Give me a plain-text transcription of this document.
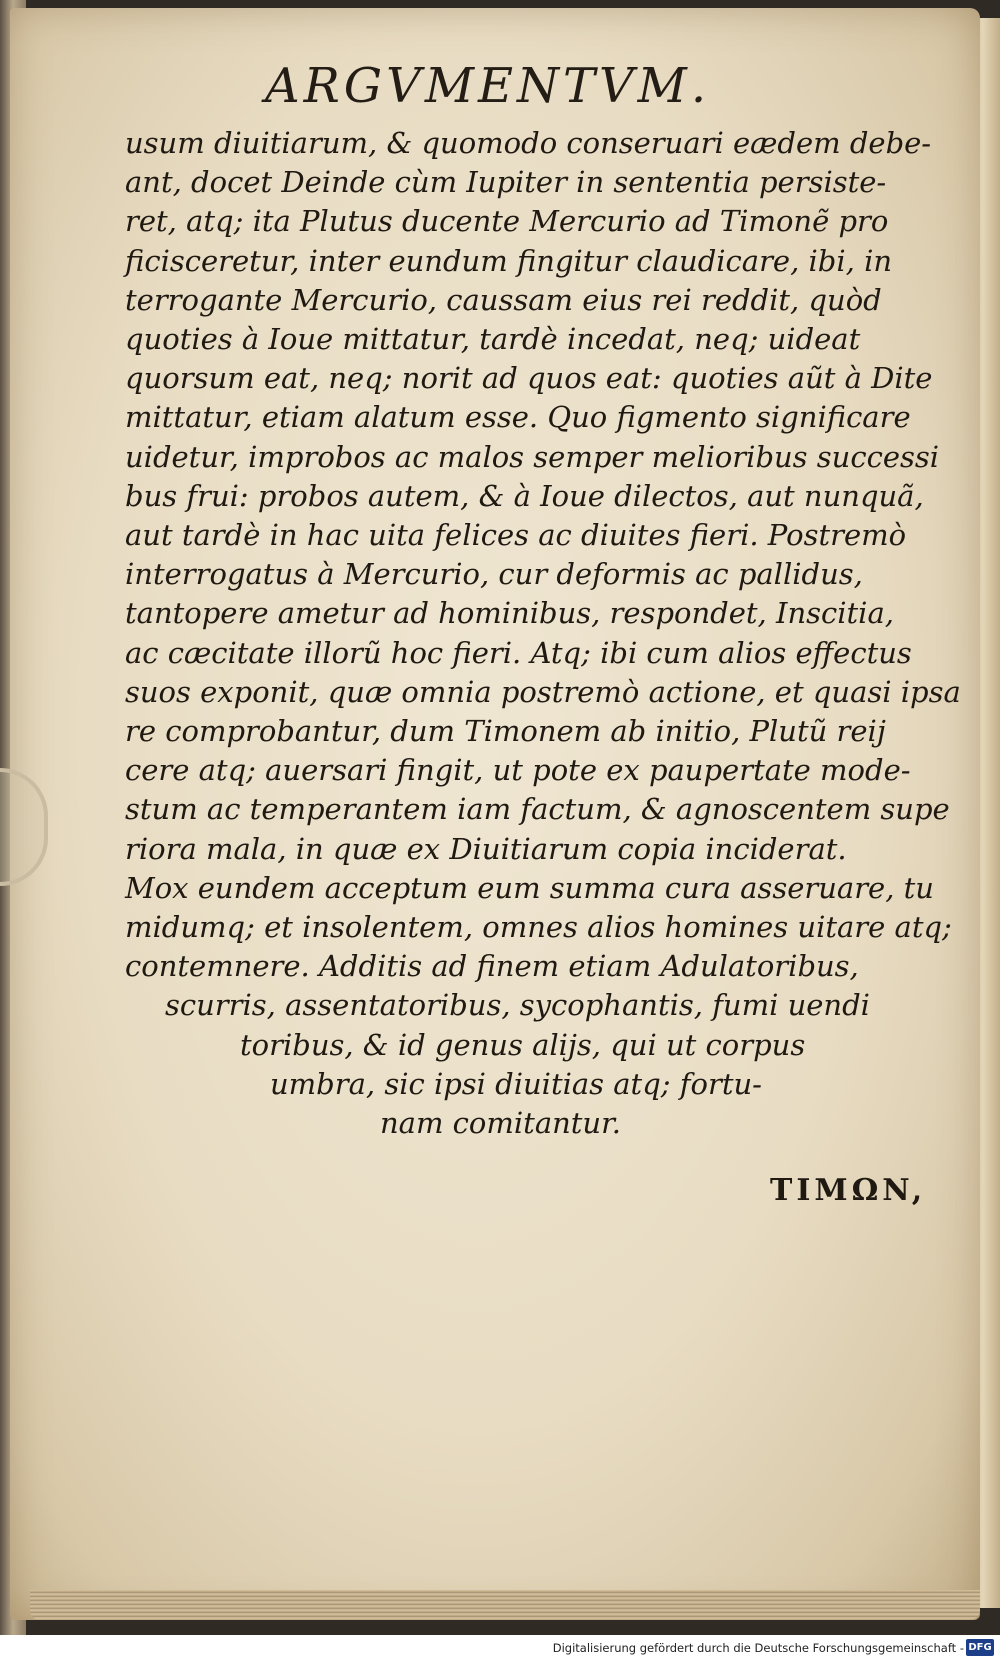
ARGVMENTVM.
usum diuitiarum, & quomodo conseruari eædem debe-
ant, docet Deinde cùm Iupiter in sententia persiste-
ret, atq; ita Plutus ducente Mercurio ad Timonẽ pro
ficisceretur, inter eundum fingitur claudicare, ibi, in
terrogante Mercurio, caussam eius rei reddit, quòd
quoties à Ioue mittatur, tardè incedat, neq; uideat
quorsum eat, neq; norit ad quos eat: quoties aũt à Dite
mittatur, etiam alatum esse. Quo figmento significare
uidetur, improbos ac malos semper melioribus successi
bus frui: probos autem, & à Ioue dilectos, aut nunquã,
aut tardè in hac uita felices ac diuites fieri. Postremò
interrogatus à Mercurio, cur deformis ac pallidus,
tantopere ametur ad hominibus, respondet, Inscitia,
ac cæcitate illorũ hoc fieri. Atq; ibi cum alios effectus
suos exponit, quæ omnia postremò actione, et quasi ipsa
re comprobantur, dum Timonem ab initio, Plutũ reij
cere atq; auersari fingit, ut pote ex paupertate mode-
stum ac temperantem iam factum, & agnoscentem supe
riora mala, in quæ ex Diuitiarum copia inciderat.
Mox eundem acceptum eum summa cura asseruare, tu
midumq; et insolentem, omnes alios homines uitare atq;
contemnere. Additis ad finem etiam Adulatoribus,
scurris, assentatoribus, sycophantis, fumi uendi
toribus, & id genus alijs, qui ut corpus
umbra, sic ipsi diuitias atq; fortu-
nam comitantur.
TIMΩN,
Digitalisierung gefördert durch die Deutsche Forschungsgemeinschaft - DFG
